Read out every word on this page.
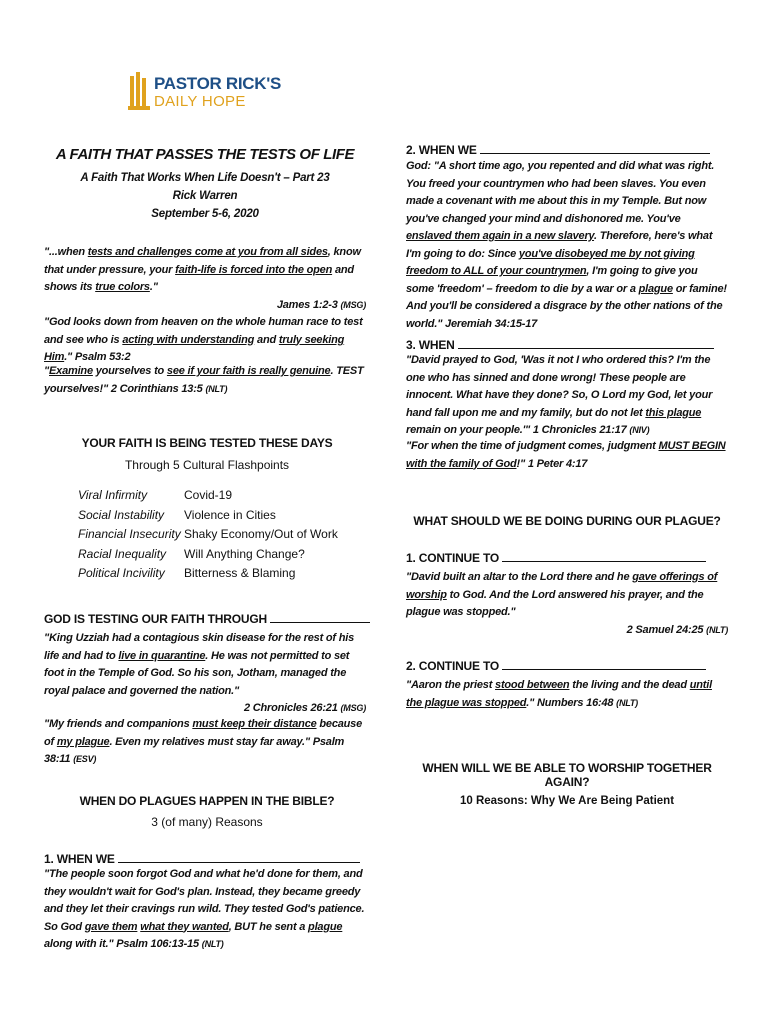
PASTOR RICK'S
DAILY HOPE
A FAITH THAT PASSES THE TESTS OF LIFE
A Faith That Works When Life Doesn't – Part 23
Rick Warren
September 5-6, 2020
"...when tests and challenges come at you from all sides, know that under pressure, your faith-life is forced into the open and shows its true colors."
James 1:2-3 (MSG)
"God looks down from heaven on the whole human race to test and see who is acting with understanding and truly seeking Him." Psalm 53:2
"Examine yourselves to see if your faith is really genuine. TEST yourselves!" 2 Corinthians 13:5 (NLT)
YOUR FAITH IS BEING TESTED THESE DAYS
Through 5 Cultural Flashpoints
Viral Infirmity	Covid-19
Social Instability	Violence in Cities
Financial Insecurity	Shaky Economy/Out of Work
Racial Inequality	Will Anything Change?
Political Incivility	Bitterness & Blaming
GOD IS TESTING OUR FAITH THROUGH
"King Uzziah had a contagious skin disease for the rest of his life and had to live in quarantine. He was not permitted to set foot in the Temple of God. So his son, Jotham, managed the royal palace and governed the nation."
2 Chronicles 26:21 (MSG)
"My friends and companions must keep their distance because of my plague. Even my relatives must stay far away." Psalm 38:11 (ESV)
WHEN DO PLAGUES HAPPEN IN THE BIBLE?
3 (of many) Reasons
1. WHEN WE
"The people soon forgot God and what he'd done for them, and they wouldn't wait for God's plan. Instead, they became greedy and they let their cravings run wild. They tested God's patience. So God gave them what they wanted, BUT he sent a plague along with it." Psalm 106:13-15 (NLT)
2. WHEN WE
God: "A short time ago, you repented and did what was right. You freed your countrymen who had been slaves. You even made a covenant with me about this in my Temple. But now you've changed your mind and dishonored me. You've enslaved them again in a new slavery. Therefore, here's what I'm going to do: Since you've disobeyed me by not giving freedom to ALL of your countrymen, I'm going to give you some 'freedom' – freedom to die by a war or a plague or famine! And you'll be considered a disgrace by the other nations of the world." Jeremiah 34:15-17
3. WHEN
"David prayed to God, 'Was it not I who ordered this? I'm the one who has sinned and done wrong! These people are innocent. What have they done? So, O Lord my God, let your hand fall upon me and my family, but do not let this plague remain on your people.'" 1 Chronicles 21:17 (NIV)
"For when the time of judgment comes, judgment MUST BEGIN with the family of God!" 1 Peter 4:17
WHAT SHOULD WE BE DOING DURING OUR PLAGUE?
1. CONTINUE TO
"David built an altar to the Lord there and he gave offerings of worship to God. And the Lord answered his prayer, and the plague was stopped."
2 Samuel 24:25 (NLT)
2. CONTINUE TO
"Aaron the priest stood between the living and the dead until the plague was stopped." Numbers 16:48 (NLT)
WHEN WILL WE BE ABLE TO WORSHIP TOGETHER AGAIN?
10 Reasons: Why We Are Being Patient
